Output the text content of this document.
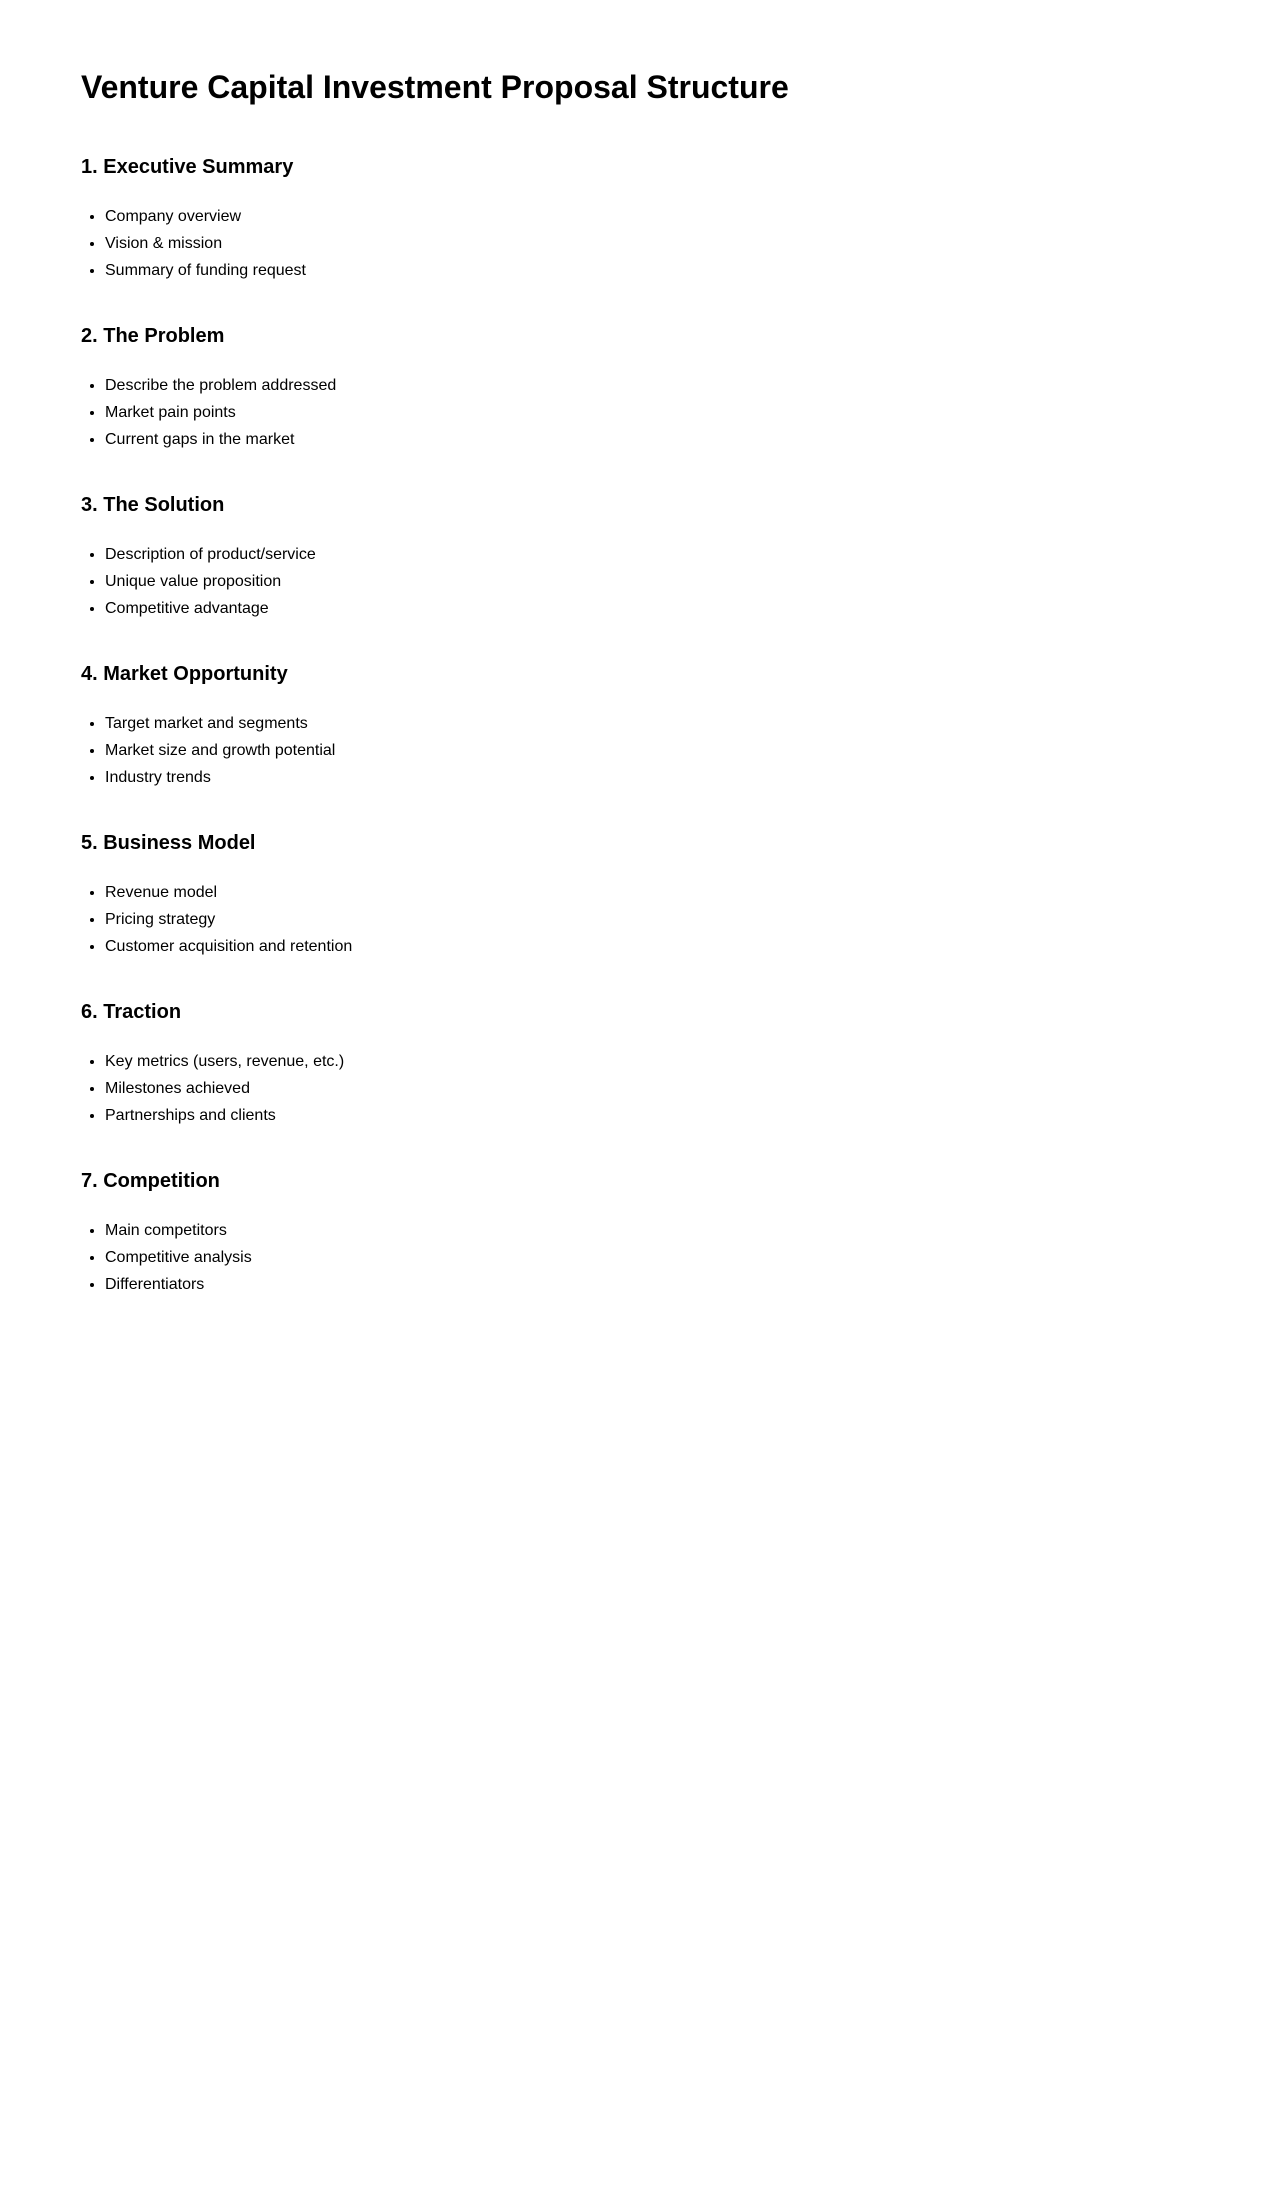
Venture Capital Investment Proposal Structure
1. Executive Summary
• Company overview
• Vision & mission
• Summary of funding request
2. The Problem
• Describe the problem addressed
• Market pain points
• Current gaps in the market
3. The Solution
• Description of product/service
• Unique value proposition
• Competitive advantage
4. Market Opportunity
• Target market and segments
• Market size and growth potential
• Industry trends
5. Business Model
• Revenue model
• Pricing strategy
• Customer acquisition and retention
6. Traction
• Key metrics (users, revenue, etc.)
• Milestones achieved
• Partnerships and clients
7. Competition
• Main competitors
• Competitive analysis
• Differentiators
